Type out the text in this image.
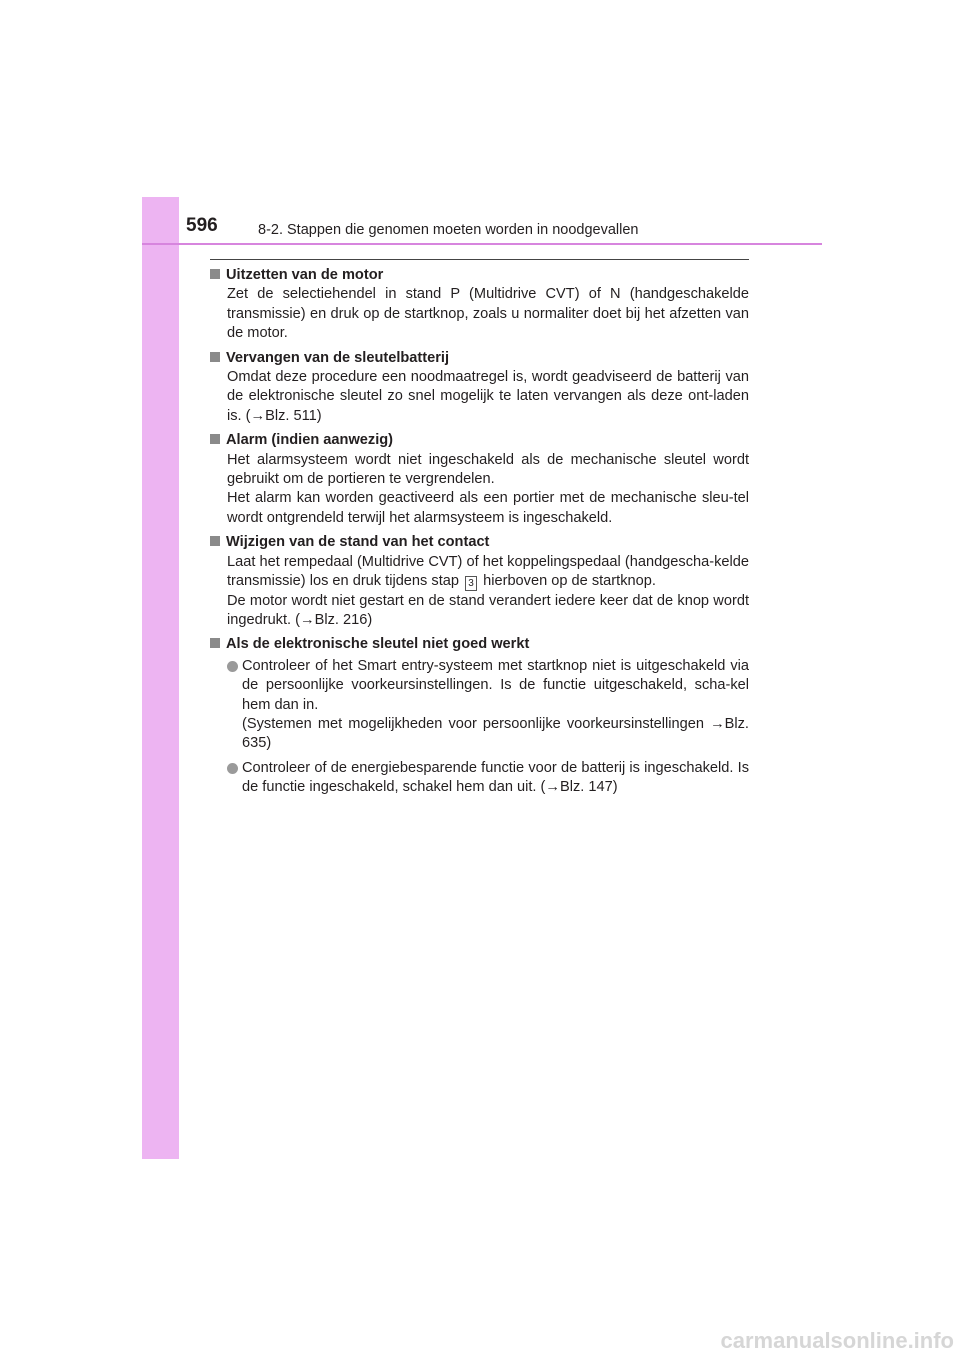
596	8-2. Stappen die genomen moeten worden in noodgevallen
Uitzetten van de motor

Zet de selectiehendel in stand P (Multidrive CVT) of N (handgeschakelde transmissie) en druk op de startknop, zoals u normaliter doet bij het afzetten van de motor.

Vervangen van de sleutelbatterij

Omdat deze procedure een noodmaatregel is, wordt geadviseerd de batterij van de elektronische sleutel zo snel mogelijk te laten vervangen als deze ont-laden is. (→Blz. 511)

Alarm (indien aanwezig)

Het alarmsysteem wordt niet ingeschakeld als de mechanische sleutel wordt gebruikt om de portieren te vergrendelen.

Het alarm kan worden geactiveerd als een portier met de mechanische sleu-tel wordt ontgrendeld terwijl het alarmsysteem is ingeschakeld.

Wijzigen van de stand van het contact

Laat het rempedaal (Multidrive CVT) of het koppelingspedaal (handgescha-kelde transmissie) los en druk tijdens stap 3 hierboven op de startknop.

De motor wordt niet gestart en de stand verandert iedere keer dat de knop wordt ingedrukt. (→Blz. 216)

Als de elektronische sleutel niet goed werkt

Controleer of het Smart entry-systeem met startknop niet is uitgeschakeld via de persoonlijke voorkeursinstellingen. Is de functie uitgeschakeld, scha-kel hem dan in.

(Systemen met mogelijkheden voor persoonlijke voorkeursinstellingen →Blz. 635)

Controleer of de energiebesparende functie voor de batterij is ingeschakeld. Is de functie ingeschakeld, schakel hem dan uit. (→Blz. 147)

carmanualsonline.info
